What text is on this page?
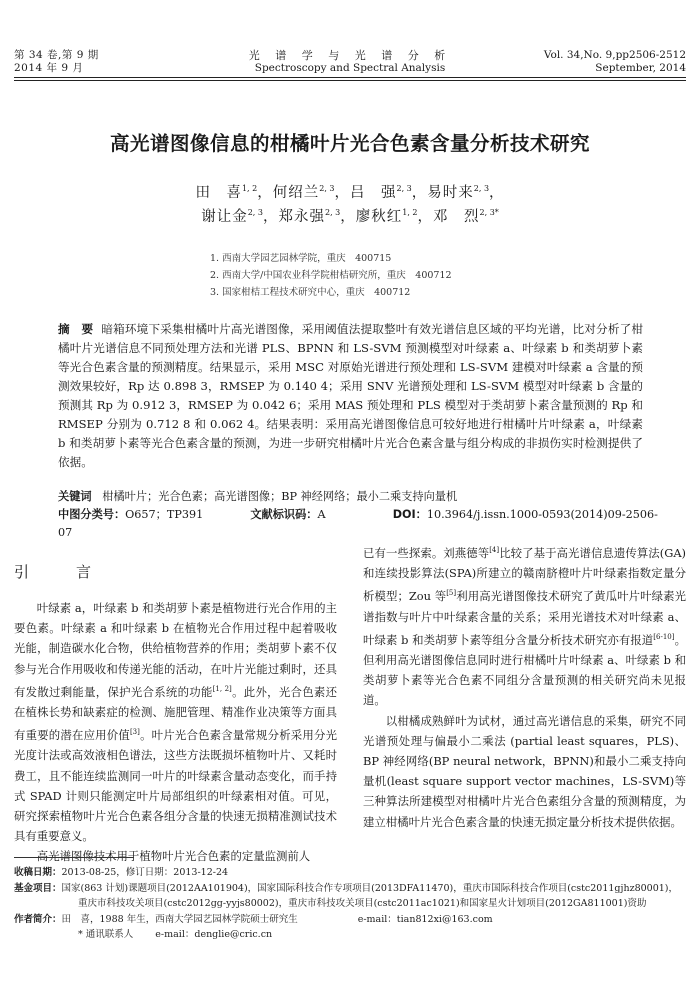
第 34 卷,第 9 期
2014 年 9 月
光 谱 学 与 光 谱 分 析
Spectroscopy and Spectral Analysis
Vol. 34,No. 9,pp2506-2512
September, 2014
高光谱图像信息的柑橘叶片光合色素含量分析技术研究
田　喜$^{1, 2}$，何绍兰$^{2, 3}$，吕　强$^{2, 3}$，易时来$^{2, 3}$，
谢让金$^{2, 3}$，郑永强$^{2, 3}$，廖秋红$^{1, 2}$，邓　烈$^{2, 3*}$
1. 西南大学园艺园林学院，重庆　400715
2. 西南大学/中国农业科学院柑桔研究所，重庆　400712
3. 国家柑桔工程技术研究中心，重庆　400712
摘　要 暗箱环境下采集柑橘叶片高光谱图像，采用阈值法提取整叶有效光谱信息区域的平均光谱，比对分析了柑橘叶片光谱信息不同预处理方法和光谱 PLS、BPNN 和 LS-SVM 预测模型对叶绿素 a、叶绿素 b 和类胡萝卜素等光合色素含量的预测精度。结果显示，采用 MSC 对原始光谱进行预处理和 LS-SVM 建模对叶绿素 a 含量的预测效果较好，Rp 达 0.898 3，RMSEP 为 0.140 4；采用 SNV 光谱预处理和 LS-SVM 模型对叶绿素 b 含量的预测其 Rp 为 0.912 3，RMSEP 为 0.042 6；采用 MAS 预处理和 PLS 模型对于类胡萝卜素含量预测的 Rp 和 RMSEP 分别为 0.712 8 和 0.062 4。结果表明：采用高光谱图像信息可较好地进行柑橘叶片叶绿素 a，叶绿素 b 和类胡萝卜素等光合色素含量的预测，为进一步研究柑橘叶片光合色素含量与组分构成的非损伤实时检测提供了依据。
关键词 柑橘叶片；光合色素；高光谱图像；BP 神经网络；最小二乘支持向量机
中图分类号：O657；TP391	文献标识码：A	DOI：10.3964/j.issn.1000-0593(2014)09-2506-07
引　言

叶绿素 a，叶绿素 b 和类胡萝卜素是植物进行光合作用的主要色素。叶绿素 a 和叶绿素 b 在植物光合作用过程中起着吸收光能，制造碳水化合物，供给植物营养的作用；类胡萝卜素不仅参与光合作用吸收和传递光能的活动，在叶片光能过剩时，还具有发散过剩能量，保护光合系统的功能[1, 2]。此外，光合色素还在植株长势和缺素症的检测、施肥管理、精准作业决策等方面具有重要的潜在应用价值[3]。叶片光合色素含量常规分析采用分光光度计法或高效液相色谱法，这些方法既损坏植物叶片、又耗时费工，且不能连续监测同一叶片的叶绿素含量动态变化，而手持式 SPAD 计则只能测定叶片局部组织的叶绿素相对值。可见，研究探索植物叶片光合色素各组分含量的快速无损精准测试技术具有重要意义。

高光谱图像技术用于植物叶片光合色素的定量监测前人

已有一些探索。刘燕德等[4]比较了基于高光谱信息遗传算法(GA)和连续投影算法(SPA)所建立的赣南脐橙叶片叶绿素指数定量分析模型；Zou 等[5]利用高光谱图像技术研究了黄瓜叶片叶绿素光谱指数与叶片中叶绿素含量的关系；采用光谱技术对叶绿素 a、叶绿素 b 和类胡萝卜素等组分含量分析技术研究亦有报道[6-10]。但利用高光谱图像信息同时进行柑橘叶片叶绿素 a、叶绿素 b 和类胡萝卜素等光合色素不同组分含量预测的相关研究尚未见报道。

以柑橘成熟鲜叶为试材，通过高光谱信息的采集，研究不同光谱预处理与偏最小二乘法 (partial least squares，PLS)、BP 神经网络(BP neural network，BPNN)和最小二乘支持向量机(least square support vector machines，LS-SVM)等三种算法所建模型对柑橘叶片光合色素组分含量的预测精度，为建立柑橘叶片光合色素含量的快速无损定量分析技术提供依据。

收稿日期：2013-08-25，修订日期：2013-12-24
基金项目：国家(863 计划)课题项目(2012AA101904)，国家国际科技合作专项项目(2013DFA11470)，重庆市国际科技合作项目(cstc2011gjhz80001)，重庆市科技攻关项目(cstc2012gg-yyjs80002)，重庆市科技攻关项目(cstc2011ac1021)和国家星火计划项目(2012GA811001)资助
作者简介：田　喜，1988 年生，西南大学园艺园林学院硕士研究生	e-mail：tian812xi@163.com
* 通讯联系人 e-mail：denglie@cric.cn
